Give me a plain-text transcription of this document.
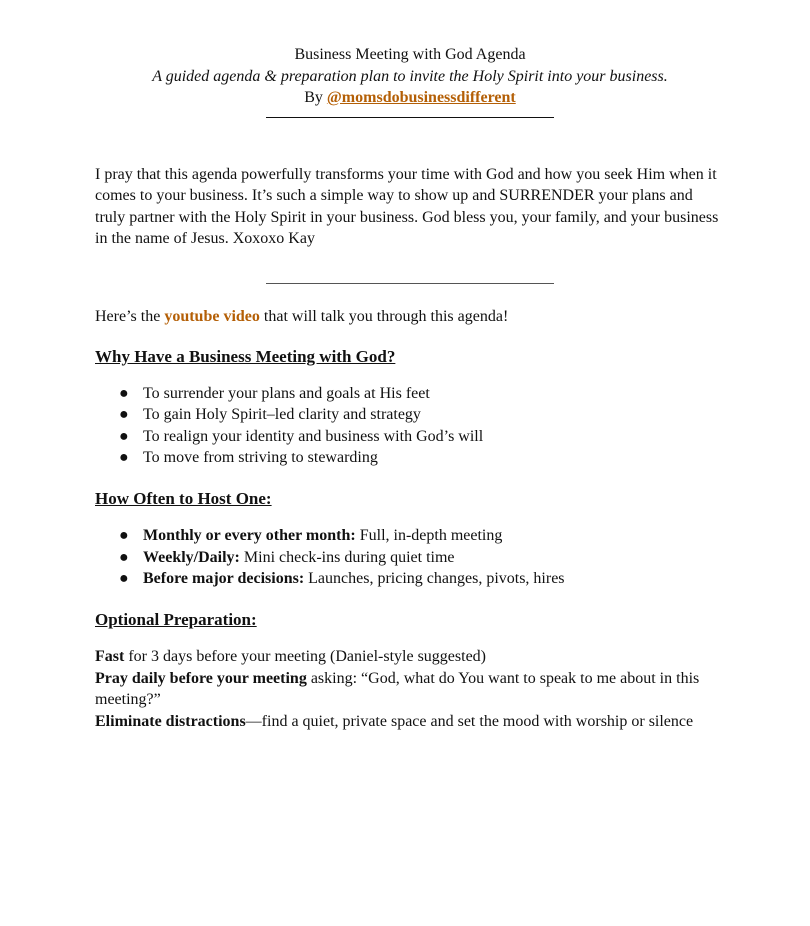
Business Meeting with God Agenda
A guided agenda & preparation plan to invite the Holy Spirit into your business.
By @momsdobusinessdifferent

I pray that this agenda powerfully transforms your time with God and how you seek Him when it comes to your business. It’s such a simple way to show up and SURRENDER your plans and truly partner with the Holy Spirit in your business. God bless you, your family, and your business in the name of Jesus. Xoxoxo Kay

Here’s the youtube video that will talk you through this agenda!

Why Have a Business Meeting with God?

● To surrender your plans and goals at His feet
● To gain Holy Spirit–led clarity and strategy
● To realign your identity and business with God’s will
● To move from striving to stewarding

How Often to Host One:

● Monthly or every other month: Full, in-depth meeting
● Weekly/Daily: Mini check-ins during quiet time
● Before major decisions: Launches, pricing changes, pivots, hires

Optional Preparation:

Fast for 3 days before your meeting (Daniel-style suggested)

Pray daily before your meeting asking: “God, what do You want to speak to me about in this meeting?”

Eliminate distractions—find a quiet, private space and set the mood with worship or silence
